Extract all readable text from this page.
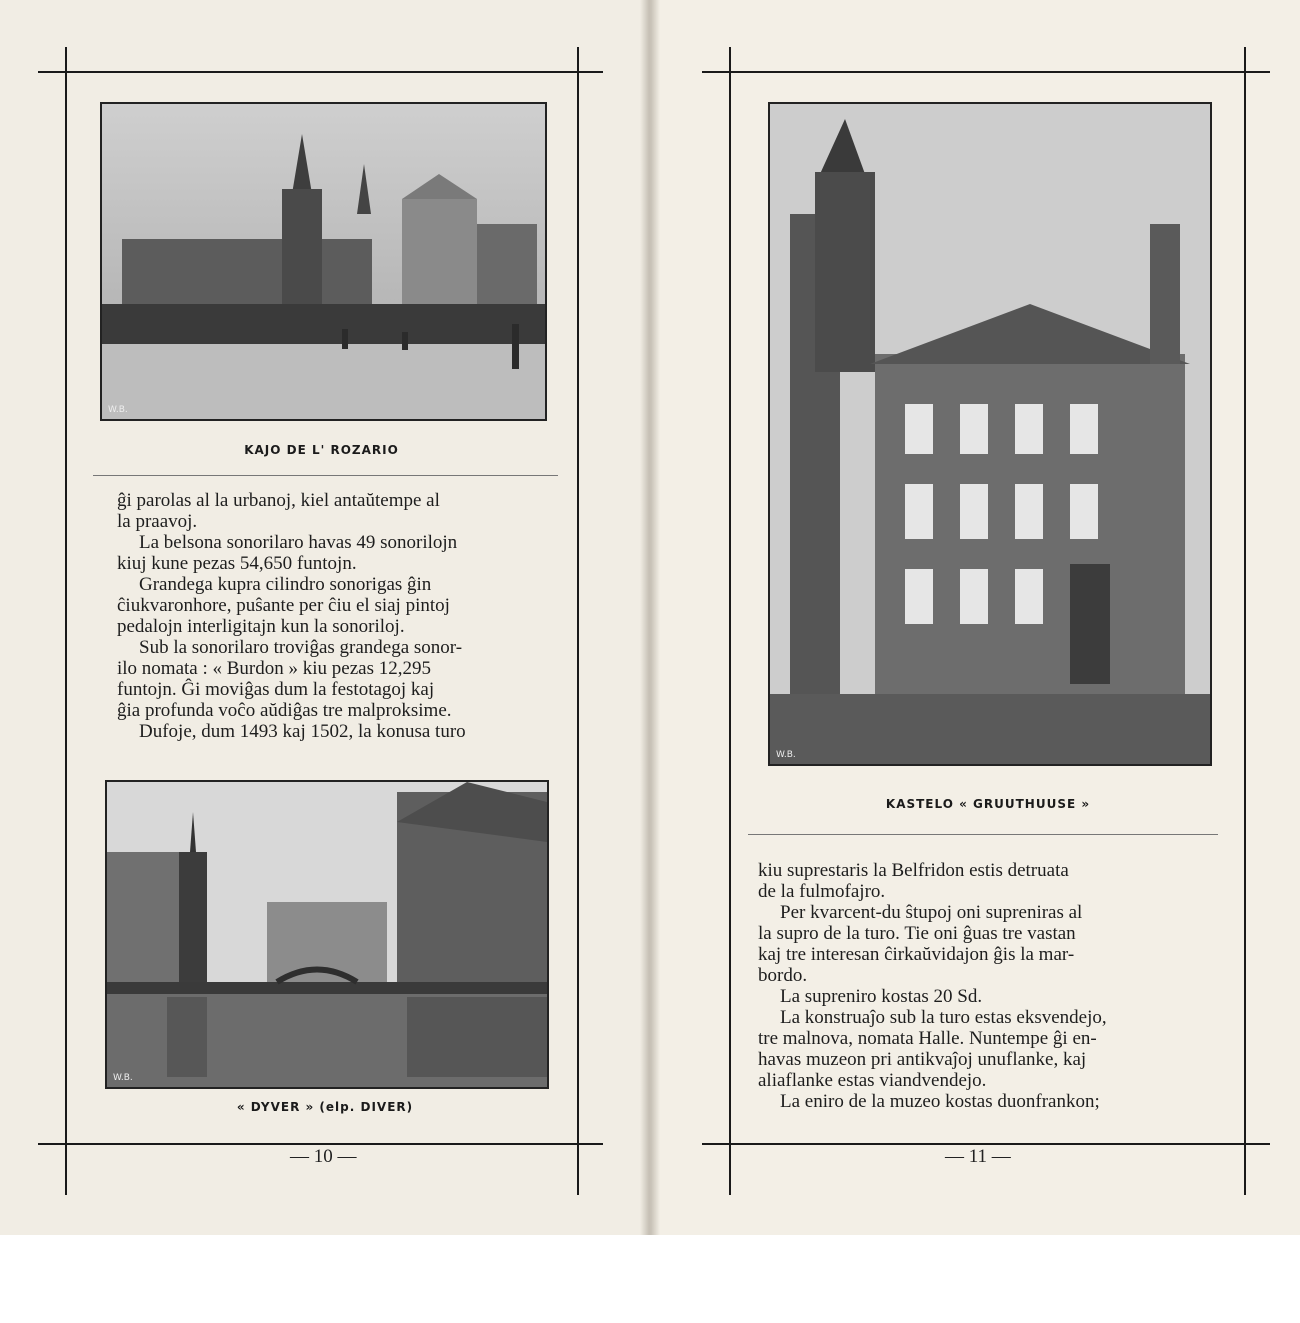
W.B.
KAJO DE L' ROZARIO

ĝi parolas al la urbanoj, kiel antaŭtempe al

la praavoj.

La belsona sonorilaro havas 49 sonorilojn

kiuj kune pezas 54,650 funtojn.

Grandega kupra cilindro sonorigas ĝin

ĉiukvaronhore, puŝante per ĉiu el siaj pintoj

pedalojn interligitajn kun la sonoriloj.

Sub la sonorilaro troviĝas grandega sonor-

ilo nomata : « Burdon » kiu pezas 12,295

funtojn. Ĝi moviĝas dum la festotagoj kaj

ĝia profunda voĉo aŭdiĝas tre malproksime.

Dufoje, dum 1493 kaj 1502, la konusa turo

W.B.
« DYVER » (elp. DIVER)
— 10 —
W.B.
KASTELO « GRUUTHUUSE »

kiu suprestaris la Belfridon estis detruata

de la fulmofajro.

Per kvarcent-du ŝtupoj oni supreniras al

la supro de la turo. Tie oni ĝuas tre vastan

kaj tre interesan ĉirkaŭvidajon ĝis la mar-

bordo.

La supreniro kostas 20 Sd.

La konstruaĵo sub la turo estas eksvendejo,

tre malnova, nomata Halle. Nuntempe ĝi en-

havas muzeon pri antikvaĵoj unuflanke, kaj

aliaflanke estas viandvendejo.

La eniro de la muzeo kostas duonfrankon;

— 11 —
